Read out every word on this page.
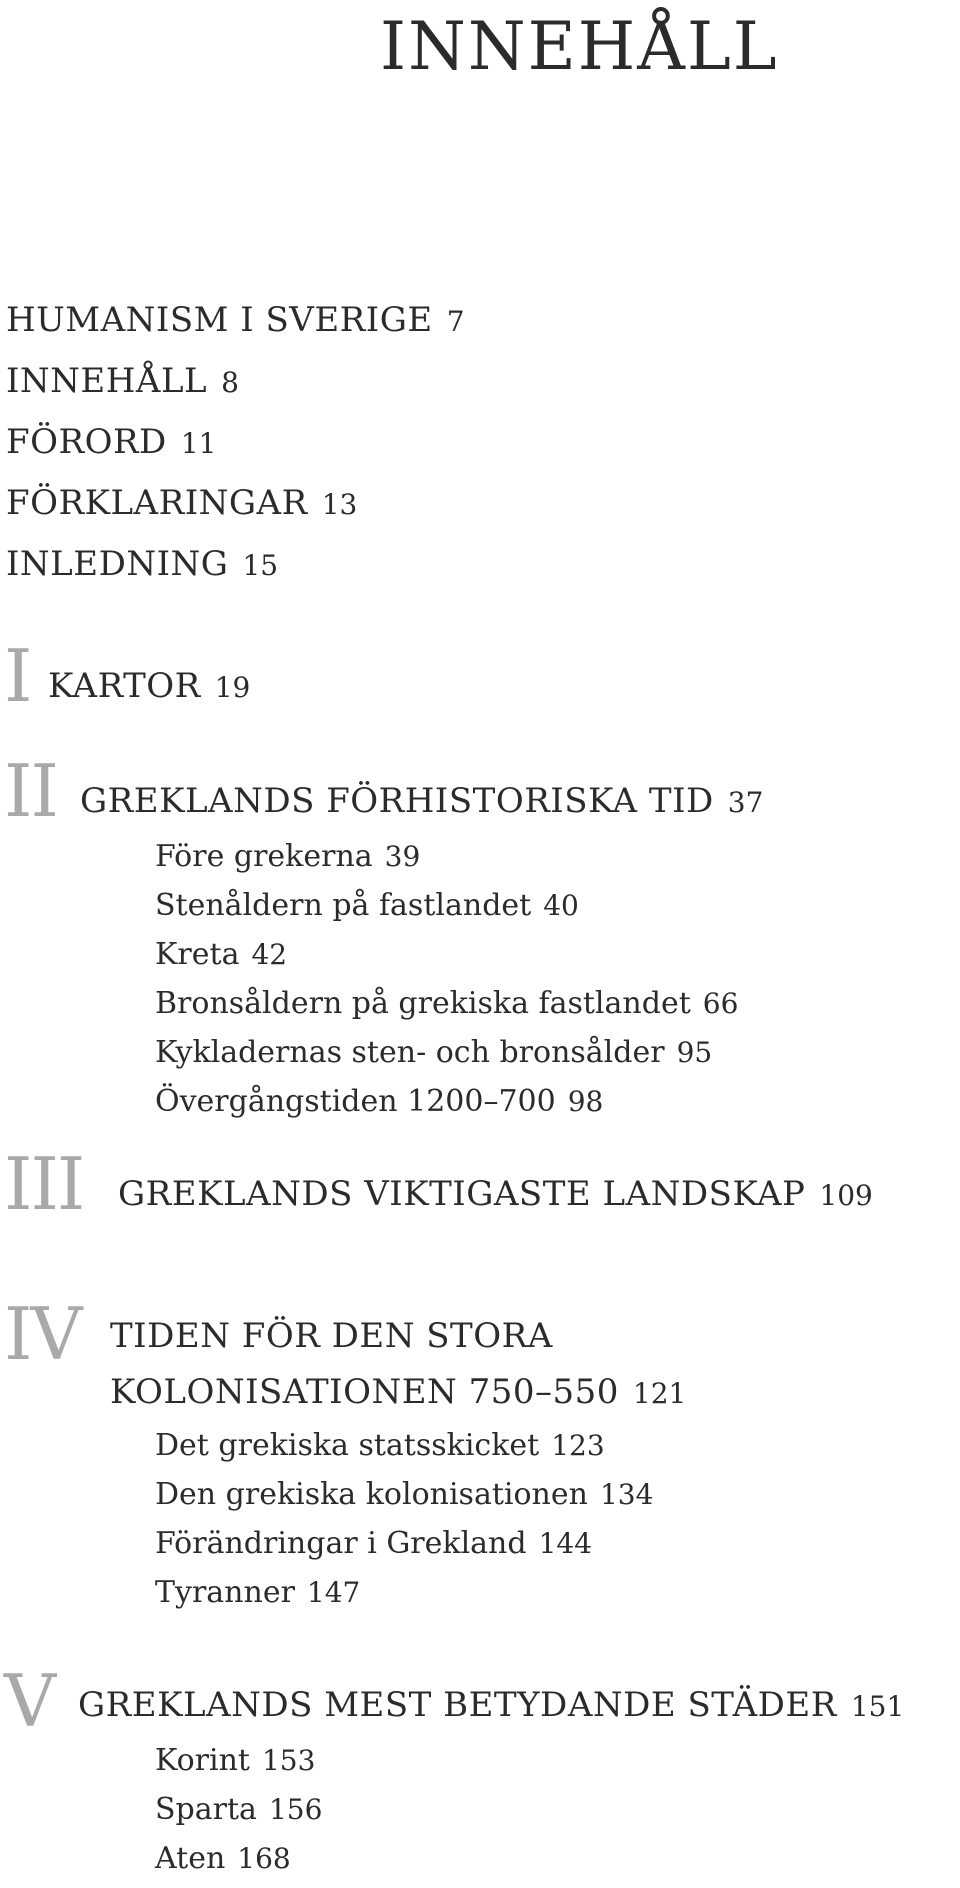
INNEHÅLL
HUMANISM I SVERIGE 7
INNEHÅLL 8
FÖRORD 11
FÖRKLARINGAR 13
INLEDNING 15
I KARTOR 19
II GREKLANDS FÖRHISTORISKA TID 37
Före grekerna 39
Stenåldern på fastlandet 40
Kreta 42
Bronsåldern på grekiska fastlandet 66
Kykladernas sten- och bronsålder 95
Övergångstiden 1200–700 98
III GREKLANDS VIKTIGASTE LANDSKAP 109
IV TIDEN FÖR DEN STORA
KOLONISATIONEN 750–550 121
Det grekiska statsskicket 123
Den grekiska kolonisationen 134
Förändringar i Grekland 144
Tyranner 147
V GREKLANDS MEST BETYDANDE STÄDER 151
Korint 153
Sparta 156
Aten 168
